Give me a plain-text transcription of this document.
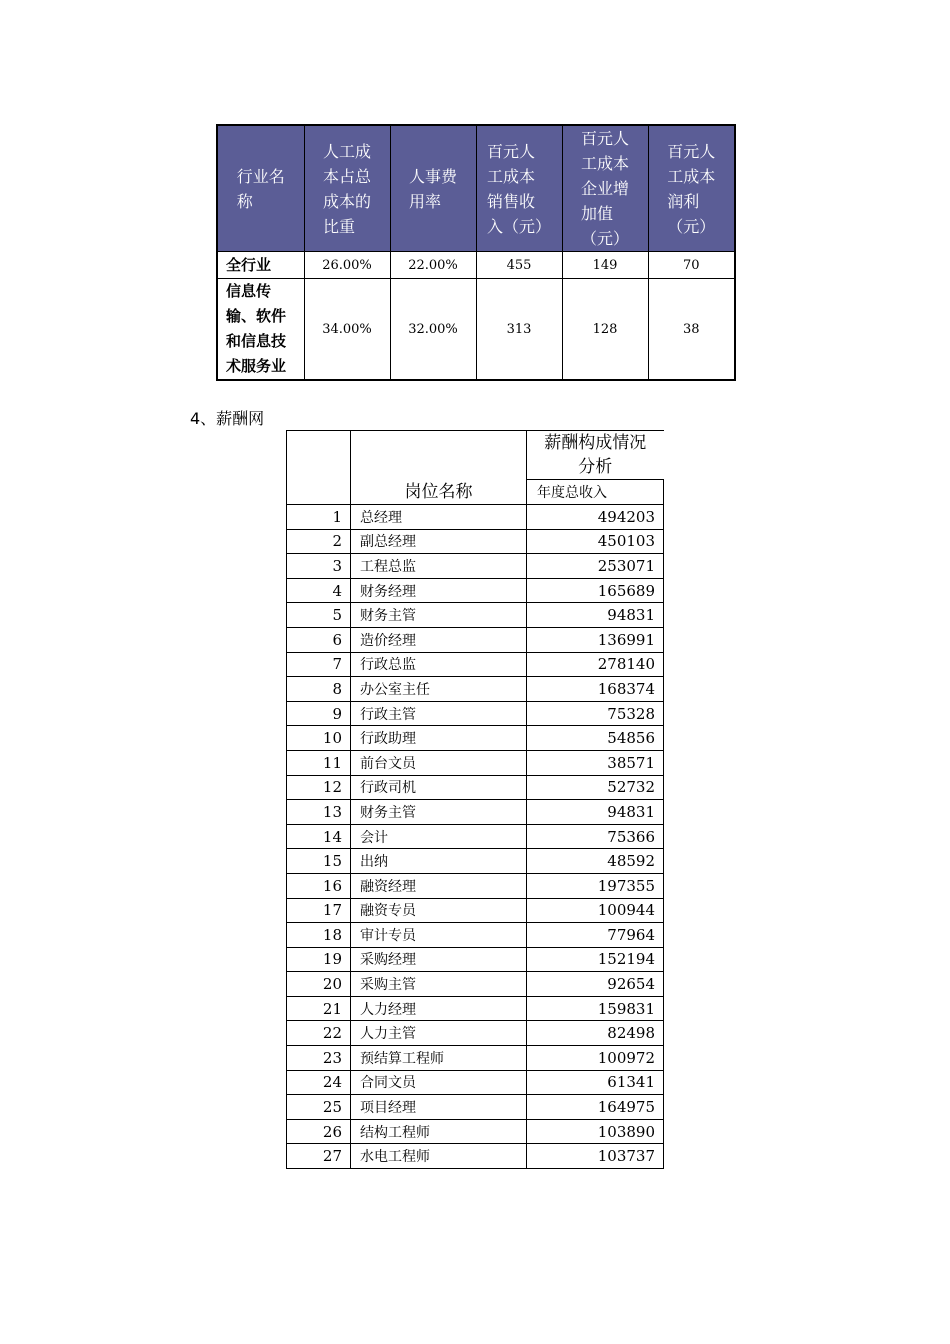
行业名
称	人工成
本占总
成本的
比重	人事费
用率	百元人
工成本
销售收
入（元）	百元人
工成本
企业增
加值
（元）	百元人
工成本
润利
（元）
全行业	26.00%	22.00%	455	149	70
信息传
输、软件
和信息技
术服务业	34.00%	32.00%	313	128	38
4、薪酬网
	岗位名称	薪酬构成情况
分析
		年度总收入
1	总经理	494203
2	副总经理	450103
3	工程总监	253071
4	财务经理	165689
5	财务主管	94831
6	造价经理	136991
7	行政总监	278140
8	办公室主任	168374
9	行政主管	75328
10	行政助理	54856
11	前台文员	38571
12	行政司机	52732
13	财务主管	94831
14	会计	75366
15	出纳	48592
16	融资经理	197355
17	融资专员	100944
18	审计专员	77964
19	采购经理	152194
20	采购主管	92654
21	人力经理	159831
22	人力主管	82498
23	预结算工程师	100972
24	合同文员	61341
25	项目经理	164975
26	结构工程师	103890
27	水电工程师	103737
